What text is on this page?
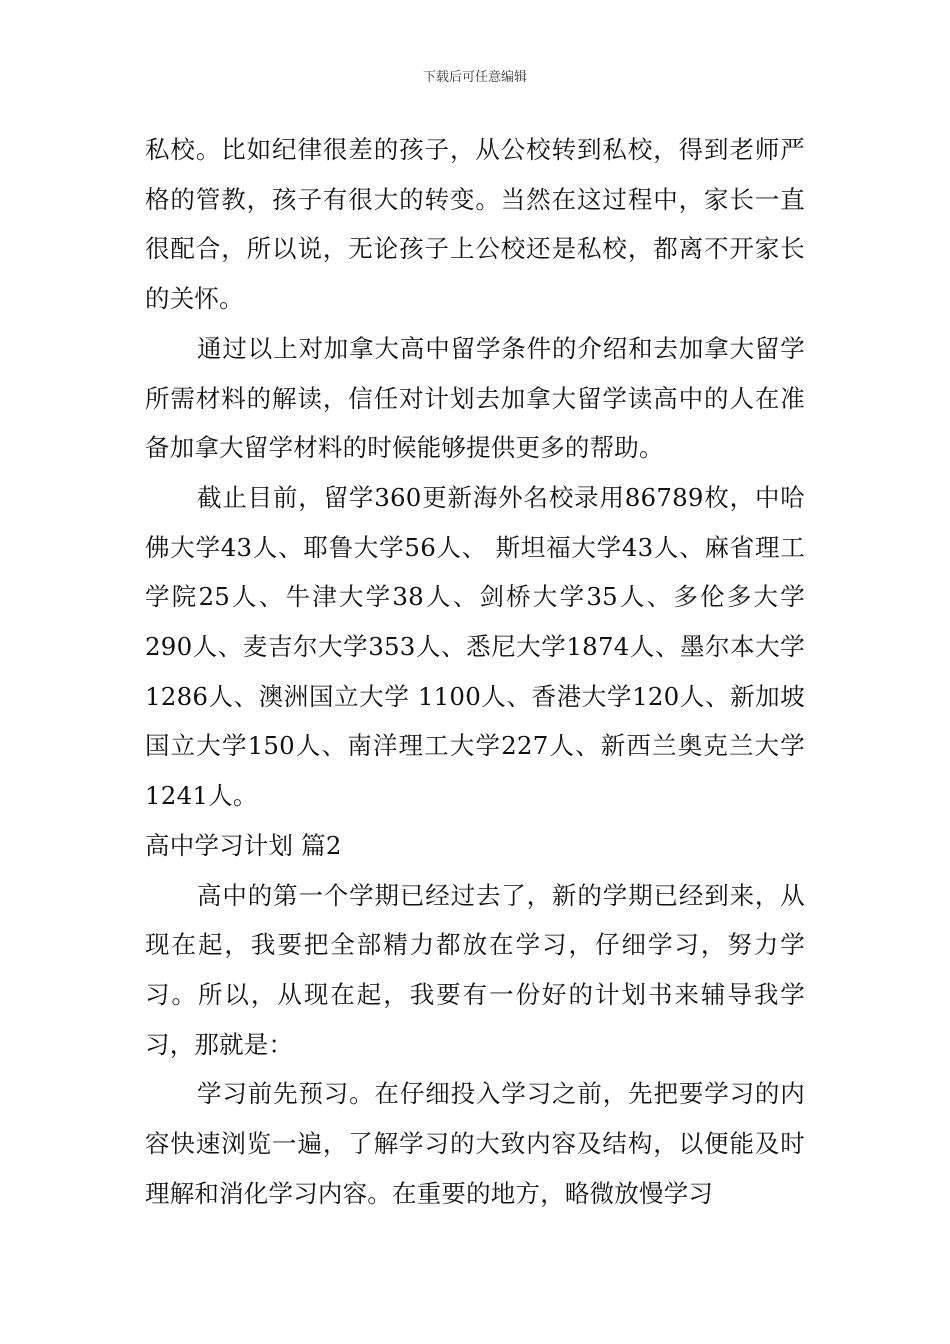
下载后可任意编辑

私校。比如纪律很差的孩子，从公校转到私校，得到老师严格的管教，孩子有很大的转变。当然在这过程中，家长一直很配合，所以说，无论孩子上公校还是私校，都离不开家长的关怀。

通过以上对加拿大高中留学条件的介绍和去加拿大留学所需材料的解读，信任对计划去加拿大留学读高中的人在准备加拿大留学材料的时候能够提供更多的帮助。

截止目前，留学360更新海外名校录用86789枚，中哈佛大学43人、耶鲁大学56人、 斯坦福大学43人、麻省理工学院25人、牛津大学38人、剑桥大学35人、多伦多大学 290人、麦吉尔大学353人、悉尼大学1874人、墨尔本大学1286人、澳洲国立大学 1100人、香港大学120人、新加坡国立大学150人、南洋理工大学227人、新西兰奥克兰大学1241人。

高中学习计划 篇2

高中的第一个学期已经过去了，新的学期已经到来，从现在起，我要把全部精力都放在学习，仔细学习，努力学习。所以，从现在起，我要有一份好的计划书来辅导我学习，那就是：

学习前先预习。在仔细投入学习之前，先把要学习的内容快速浏览一遍，了解学习的大致内容及结构，以便能及时理解和消化学习内容。在重要的地方，略微放慢学习
